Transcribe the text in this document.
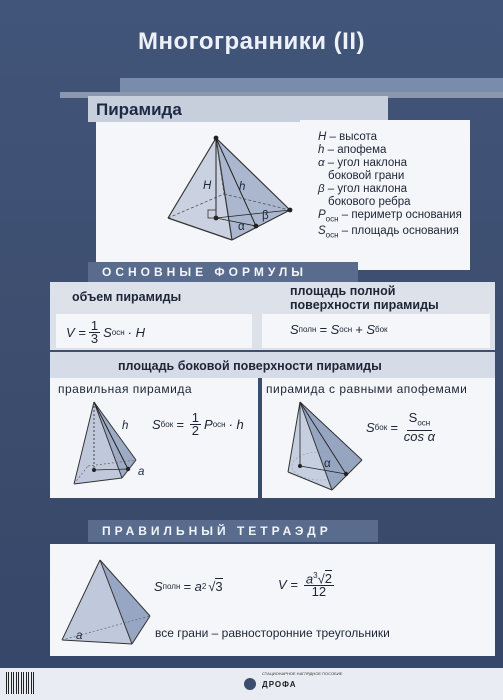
Многогранники (II)
Пирамида
H h
α
β
H – высота
h – апофема
α – угол наклона
боковой грани
β – угол наклона
бокового ребра
$P_{осн}$ – периметр основания
$S_{осн}$ – площадь основания
ОСНОВНЫЕ ФОРМУЛЫ
объем пирамиды
$V = \frac{1}{3}$ S осн · H
площадь полной
поверхности пирамиды
S полн = S осн + S бок
площадь боковой поверхности пирамиды
правильная пирамида
h
a
S бок = $\frac{1}{2}$ P осн · h
пирамида с равными апофемами
α
S бок = $\frac{S_{осн}}{\text{cos α}}$
ПРАВИЛЬНЫЙ ТЕТРАЭДР
a
S полн = a 2 √ 3	$V = \frac{a^3√2}{12}$
все грани – равносторонние треугольники
ДРОФА
СТАЦИОНАРНОЕ НАГЛЯДНОЕ ПОСОБИЕ
